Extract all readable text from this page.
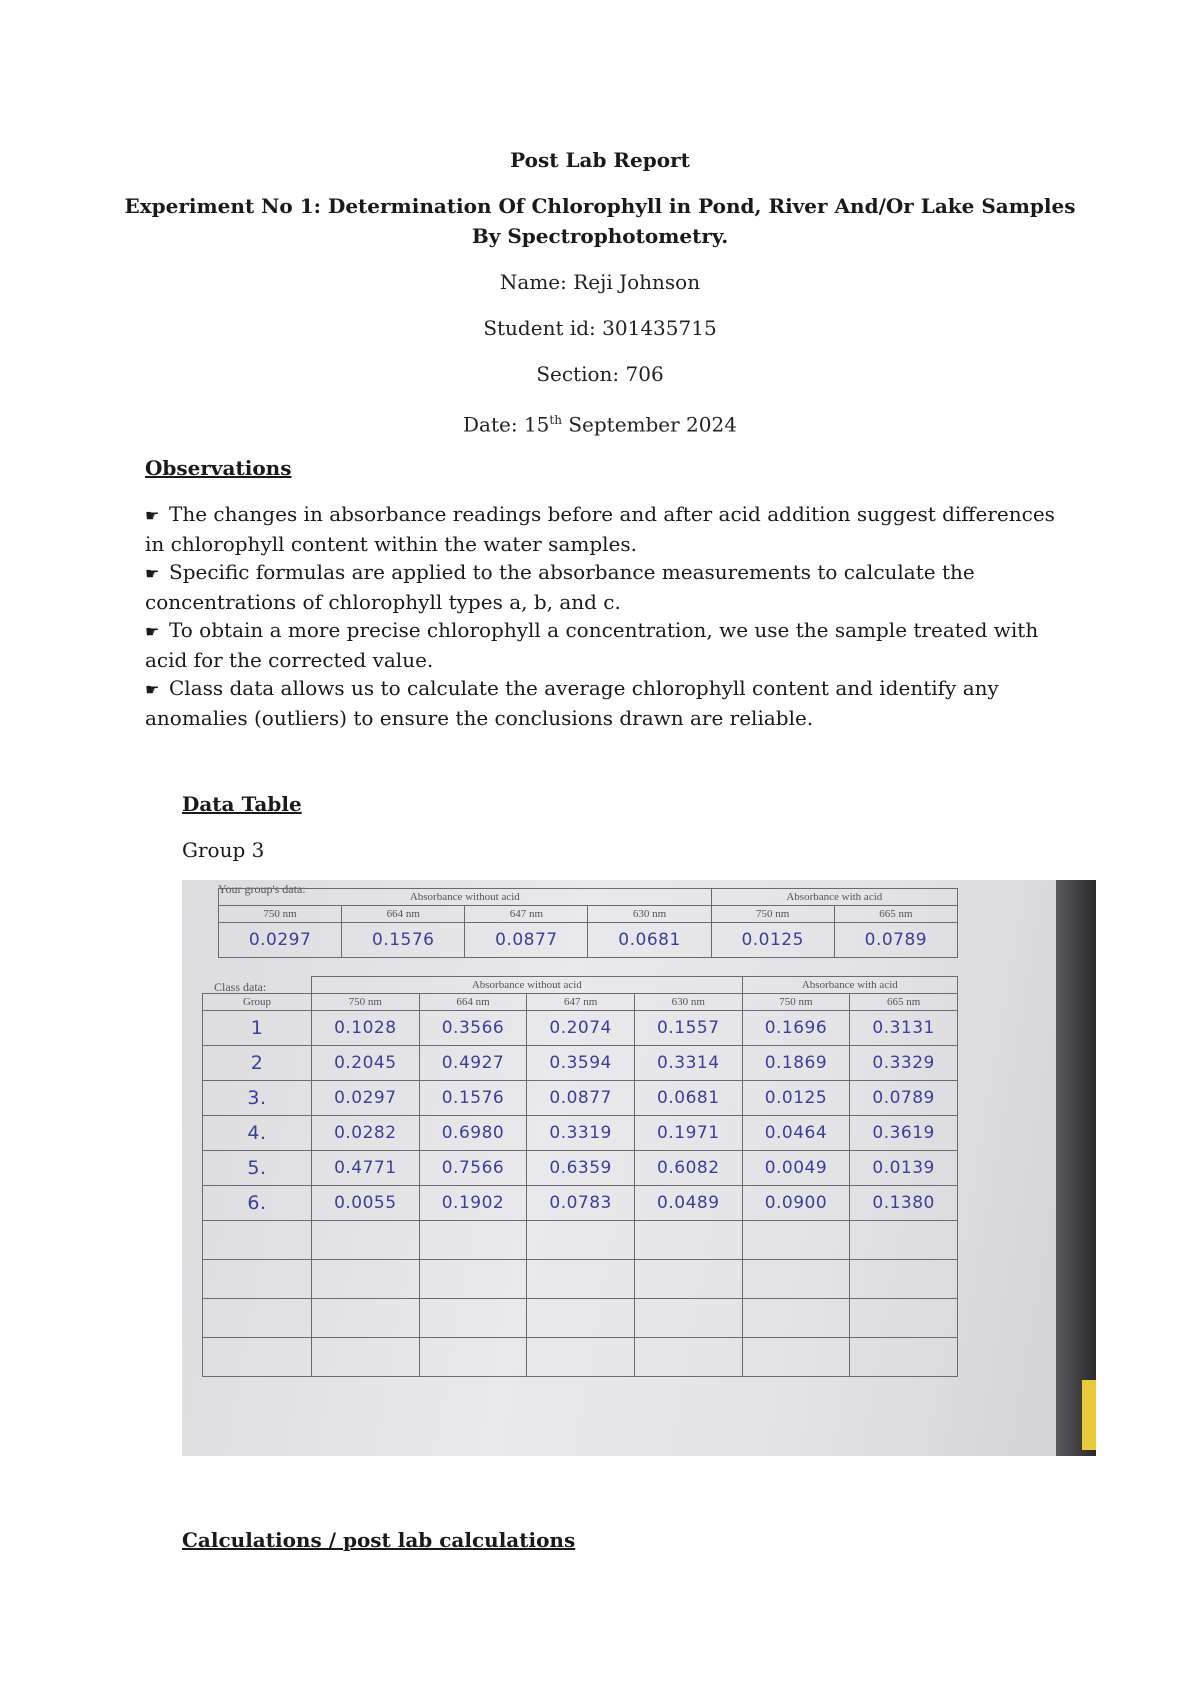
Post Lab Report
Experiment No 1: Determination Of Chlorophyll in Pond, River And/Or Lake Samples
By Spectrophotometry.
Name: Reji Johnson
Student id: 301435715
Section: 706
Date: 15th September 2024
Observations

☛ The changes in absorbance readings before and after acid addition suggest differences in chlorophyll content within the water samples.

☛ Specific formulas are applied to the absorbance measurements to calculate the concentrations of chlorophyll types a, b, and c.

☛ To obtain a more precise chlorophyll a concentration, we use the sample treated with acid for the corrected value.

☛ Class data allows us to calculate the average chlorophyll content and identify any anomalies (outliers) to ensure the conclusions drawn are reliable.

Data Table
Group 3
Your group's data:
Absorbance without acid				Absorbance with acid	
750 nm	664 nm	647 nm	630 nm	750 nm	665 nm
0.0297	0.1576	0.0877	0.0681	0.0125	0.0789
Class data:
		Absorbance without acid				Absorbance with acid	
Group	750 nm	664 nm	647 nm	630 nm	750 nm	665 nm
1	0.1028	0.3566	0.2074	0.1557	0.1696	0.3131
2	0.2045	0.4927	0.3594	0.3314	0.1869	0.3329
3.	0.0297	0.1576	0.0877	0.0681	0.0125	0.0789
4.	0.0282	0.6980	0.3319	0.1971	0.0464	0.3619
5.	0.4771	0.7566	0.6359	0.6082	0.0049	0.0139
6.	0.0055	0.1902	0.0783	0.0489	0.0900	0.1380

Calculations / post lab calculations
